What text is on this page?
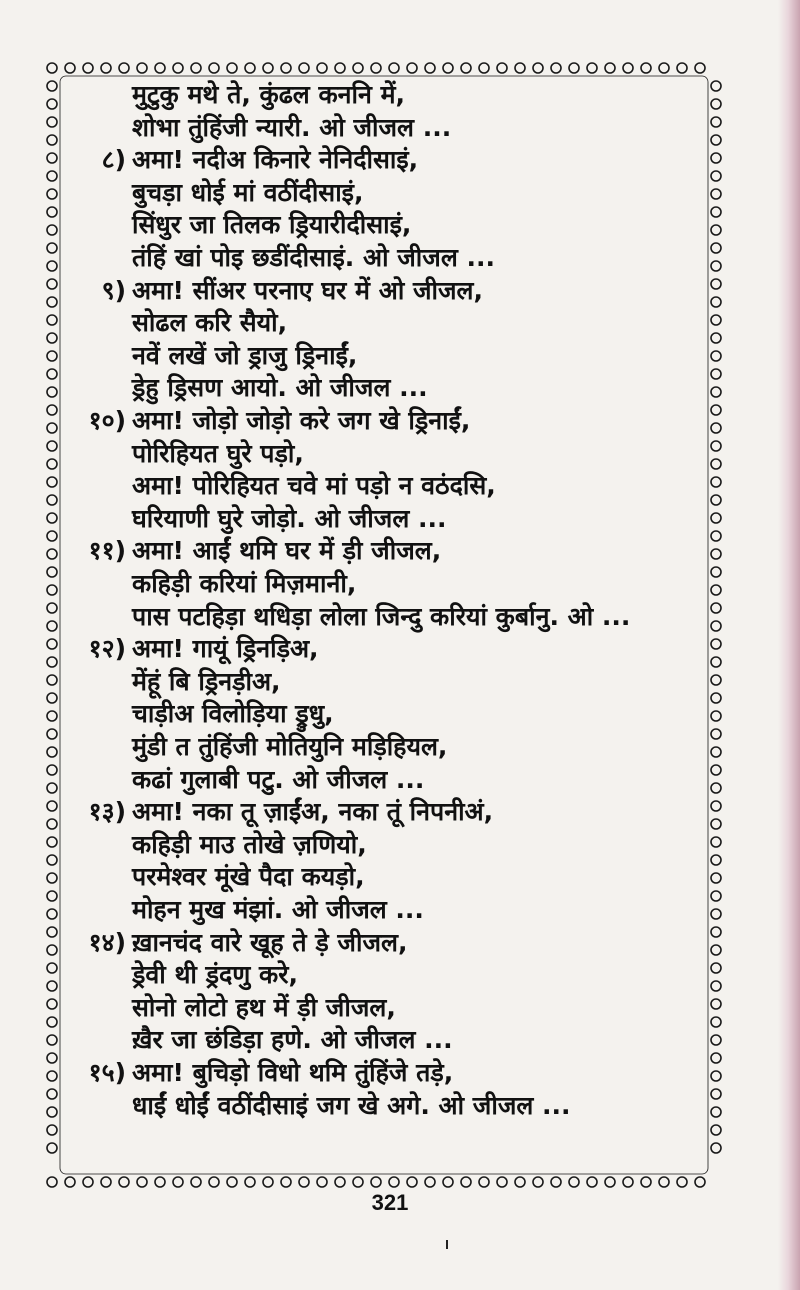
मुटुकु मथे ते, कुंढल कननि में,
शोभा तुंहिंजी न्यारी. ओ जीजल ...
८) अमा! नदीअ किनारे नेनिदीसाइं,
बुचड़ा धोई मां वठींदीसाइं,
सिंधुर जा तिलक ड्रियारीदीसाइं,
तंहिं खां पोइ छडींदीसाइं. ओ जीजल ...
९) अमा! सींअर परनाए घर में ओ जीजल,
सोढल करि सैयो,
नवें लखें जो ड्राजु ड्रिनाईं,
ड्रेहु ड्रिसण आयो. ओ जीजल ...
१०) अमा! जोड़ो जोड़ो करे जग खे ड्रिनाईं,
पोरिहियत घुरे पड़ो,
अमा! पोरिहियत चवे मां पड़ो न वठंदसि,
घरियाणी घुरे जोड़ो. ओ जीजल ...
११) अमा! आईं थमि घर में ड़ी जीजल,
कहिड़ी करियां मिज़मानी,
पास पटहिड़ा थधिड़ा लोला जिन्दु करियां कुर्बानु. ओ ...
१२) अमा! गायूं ड्रिनड़िअ,
मेंहूं बि ड्रिनड़ीअ,
चाड़ीअ विलोड़िया ड्रुधु,
मुंडी त तुंहिंजी मोतियुनि मड़िहियल,
कढां गुलाबी पटु. ओ जीजल ...
१३) अमा! नका तू ज़ाईंअ, नका तूं निपनीअं,
कहिड़ी माउ तोखे ज़णियो,
परमेश्वर मूंखे पैदा कयड़ो,
मोहन मुख मंझां. ओ जीजल ...
१४) ख़ानचंद वारे खूह ते ड़े जीजल,
ड्रेवी थी ड्रंदणु करे,
सोनो लोटो हथ में ड़ी जीजल,
ख़ैर जा छंडिड़ा हणे. ओ जीजल ...
१५) अमा! बुचिड़ो विधो थमि तुंहिंजे तड़े,
धाईं धोईं वठींदीसाइं जग खे अगे. ओ जीजल ...
321
